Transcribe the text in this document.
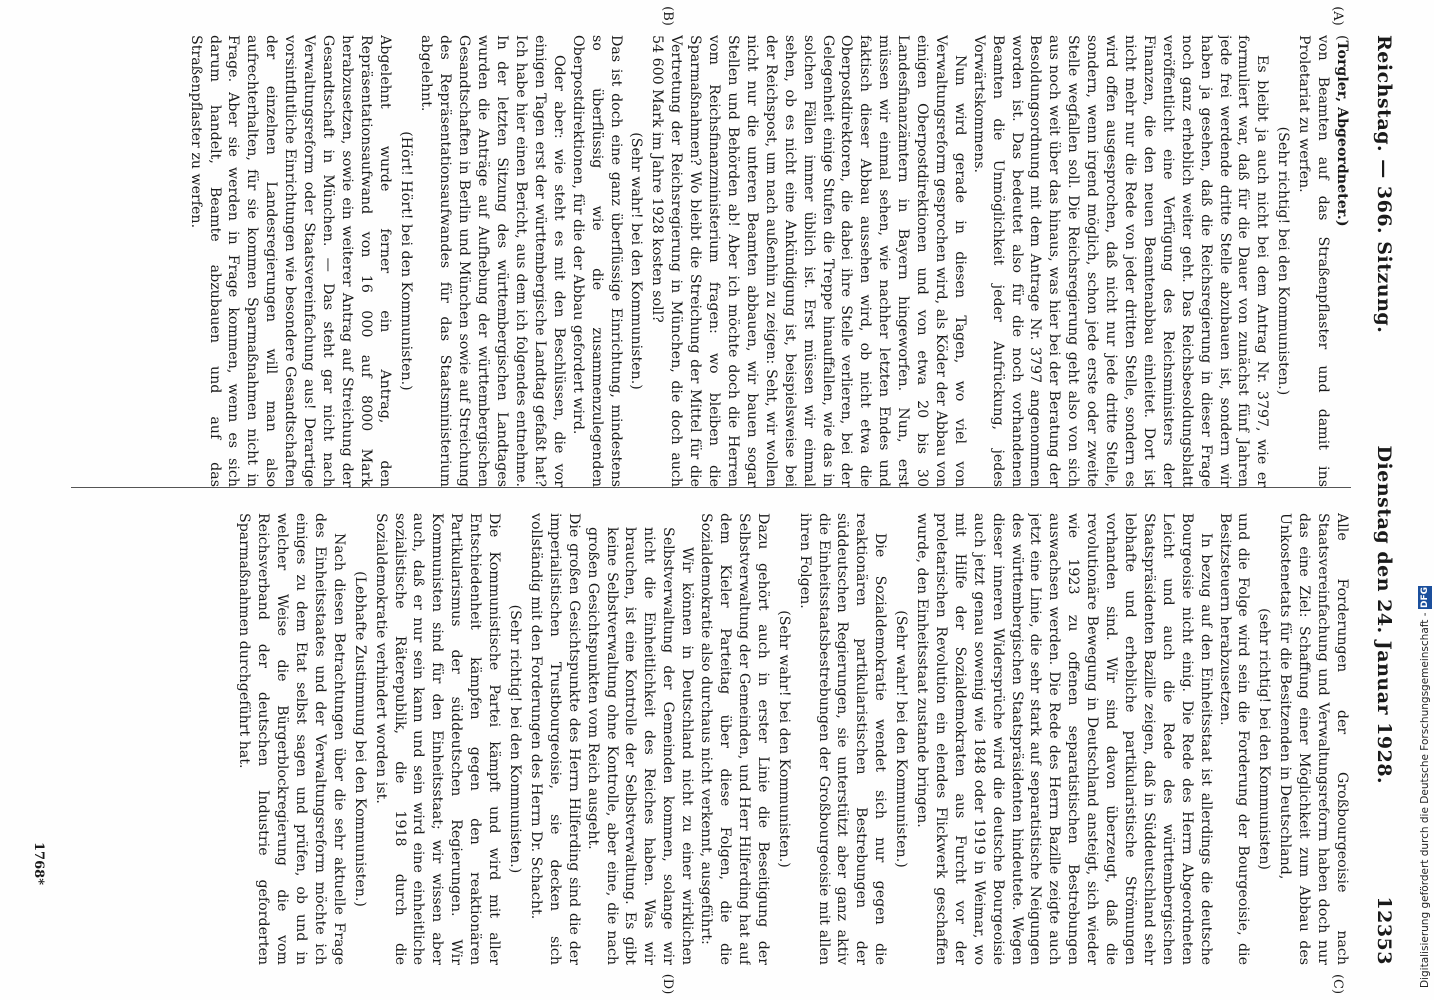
Reichstag. — 366. Sitzung.
Dienstag den 24. Januar 1928.
12353

(Torgler, Abgeordneter.)

von Beamten auf das Straßenpflaster und damit ins Proletariat zu werfen.

(Sehr richtig! bei den Kommunisten.)

Es bleibt ja auch nicht bei dem Antrag Nr. 3797, wie er formuliert war, daß für die Dauer von zunächst fünf Jahren jede frei werdende dritte Stelle abzubauen ist, sondern wir haben ja gesehen, daß die Reichsregierung in dieser Frage noch ganz erheblich weiter geht. Das Reichsbesoldungsblatt veröffentlicht eine Verfügung des Reichsministers der Finanzen, die den neuen Beamtenabbau einleitet. Dort ist nicht mehr nur die Rede von jeder dritten Stelle, sondern es wird offen ausgesprochen, daß nicht nur jede dritte Stelle, sondern, wenn irgend möglich, schon jede erste oder zweite Stelle wegfallen soll. Die Reichsregierung geht also von sich aus noch weit über das hinaus, was hier bei der Beratung der Besoldungsordnung mit dem Antrage Nr. 3797 angenommen worden ist. Das bedeutet also für die noch vorhandenen Beamten die Unmöglichkeit jeder Aufrückung, jedes Vorwärtskommens.

Nun wird gerade in diesen Tagen, wo viel von Verwaltungsreform gesprochen wird, als Köder der Abbau von einigen Oberpostdirektionen und von etwa 20 bis 30 Landesfinanzämtern in Bayern hingeworfen. Nun, erst müssen wir einmal sehen, wie nachher letzten Endes und faktisch dieser Abbau aussehen wird, ob nicht etwa die Oberpostdirektoren, die dabei ihre Stelle verlieren, bei der Gelegenheit einige Stufen die Treppe hinauffallen, wie das in solchen Fällen immer üblich ist. Erst müssen wir einmal sehen, ob es nicht eine Ankündigung ist, beispielsweise bei der Reichspost, um nach außenhin zu zeigen: Seht, wir wollen nicht nur die unteren Beamten abbauen, wir bauen sogar Stellen und Behörden ab! Aber ich möchte doch die Herren vom Reichsfinanzministerium fragen: wo bleiben die Sparmaßnahmen? Wo bleibt die Streichung der Mittel für die Vertretung der Reichsregierung in München, die doch auch 54 600 Mark im Jahre 1928 kosten soll?

(Sehr wahr! bei den Kommunisten.)

Das ist doch eine ganz überflüssige Einrichtung, mindestens so überflüssig wie die zusammenzulegenden Oberpostdirektionen, für die der Abbau gefordert wird.

Oder aber: wie steht es mit den Beschlüssen, die vor einigen Tagen erst der württembergische Landtag gefaßt hat? Ich habe hier einen Bericht, aus dem ich folgendes entnehme. In der letzten Sitzung des württembergischen Landtages wurden die Anträge auf Aufhebung der württembergischen Gesandtschaften in Berlin und München sowie auf Streichung des Repräsentationsaufwandes für das Staatsministerium abgelehnt.

(Hört! Hört! bei den Kommunisten.)

Abgelehnt wurde ferner ein Antrag, den Repräsentationsaufwand von 16 000 auf 8000 Mark herabzusetzen, sowie ein weiterer Antrag auf Streichung der Gesandtschaft in München. — Das steht gar nicht nach Verwaltungsreform oder Staatsvereinfachung aus! Derartige vorsintflutliche Einrichtungen wie besondere Gesandtschaften der einzelnen Landesregierungen will man also aufrechterhalten, für sie kommen Sparmaßnahmen nicht in Frage. Aber sie werden in Frage kommen, wenn es sich darum handelt, Beamte abzubauen und auf das Straßenpflaster zu werfen.

Alle Forderungen der Großbourgeoisie nach Staatsvereinfachung und Verwaltungsreform haben doch nur das eine Ziel: Schaffung einer Möglichkeit zum Abbau des Unkostenetats für die Besitzenden in Deutschland,

(sehr richtig! bei den Kommunisten)

und die Folge wird sein die Forderung der Bourgeoisie, die Besitzsteuern herabzusetzen.

In bezug auf den Einheitsstaat ist allerdings die deutsche Bourgeoisie nicht einig. Die Rede des Herrn Abgeordneten Leicht und auch die Rede des württembergischen Staatspräsidenten Bazille zeigen, daß in Süddeutschland sehr lebhafte und erhebliche partikularistische Strömungen vorhanden sind. Wir sind davon überzeugt, daß die revolutionäre Bewegung in Deutschland ansteigt, sich wieder wie 1923 zu offenen separatistischen Bestrebungen auswachsen werden. Die Rede des Herrn Bazille zeigte auch jetzt eine Linie, die sehr stark auf separatistische Neigungen des württembergischen Staatspräsidenten hindeutete. Wegen dieser inneren Widersprüche wird die deutsche Bourgeoisie auch jetzt genau sowenig wie 1848 oder 1919 in Weimar, wo mit Hilfe der Sozialdemokraten aus Furcht vor der proletarischen Revolution ein elendes Flickwerk geschaffen wurde, den Einheitsstaat zustande bringen.

(Sehr wahr! bei den Kommunisten.)

Die Sozialdemokratie wendet sich nur gegen die reaktionären partikularistischen Bestrebungen der süddeutschen Regierungen, sie unterstützt aber ganz aktiv die Einheitsstaatsbestrebungen der Großbourgeoisie mit allen ihren Folgen.

(Sehr wahr! bei den Kommunisten.)

Dazu gehört auch in erster Linie die Beseitigung der Selbstverwaltung der Gemeinden, und Herr Hilferding hat auf dem Kieler Parteitag über diese Folgen, die die Sozialdemokratie also durchaus nicht verkennt, ausgeführt:

Wir können in Deutschland nicht zu einer wirklichen Selbstverwaltung der Gemeinden kommen, solange wir nicht die Einheitlichkeit des Reiches haben. Was wir brauchen, ist eine Kontrolle der Selbstverwaltung. Es gibt keine Selbstverwaltung ohne Kontrolle, aber eine, die nach großen Gesichtspunkten vom Reich ausgeht.

Die großen Gesichtspunkte des Herrn Hilferding sind die der imperialistischen Trustbourgeoisie, sie decken sich vollständig mit den Forderungen des Herrn Dr. Schacht.

(Sehr richtig! bei den Kommunisten.)

Die Kommunistische Partei kämpft und wird mit aller Entschiedenheit kämpfen gegen den reaktionären Partikularismus der süddeutschen Regierungen. Wir Kommunisten sind für den Einheitsstaat; wir wissen aber auch, daß er nur sein kann und sein wird eine einheitliche sozialistische Räterepublik, die 1918 durch die Sozialdemokratie verhindert worden ist.

(Lebhafte Zustimmung bei den Kommunisten.)

Nach diesen Betrachtungen über die sehr aktuelle Frage des Einheitsstaates und der Verwaltungsreform möchte ich einiges zu dem Etat selbst sagen und prüfen, ob und in welcher Weise die Bürgerblockregierung die vom Reichsverband der deutschen Industrie geforderten Sparmaßnahmen durchgeführt hat.

(A)
(B)
(C)
(D)
1768*	Digitalisierung gefördert durch die Deutsche Forschungsgemeinschaft - DFG
